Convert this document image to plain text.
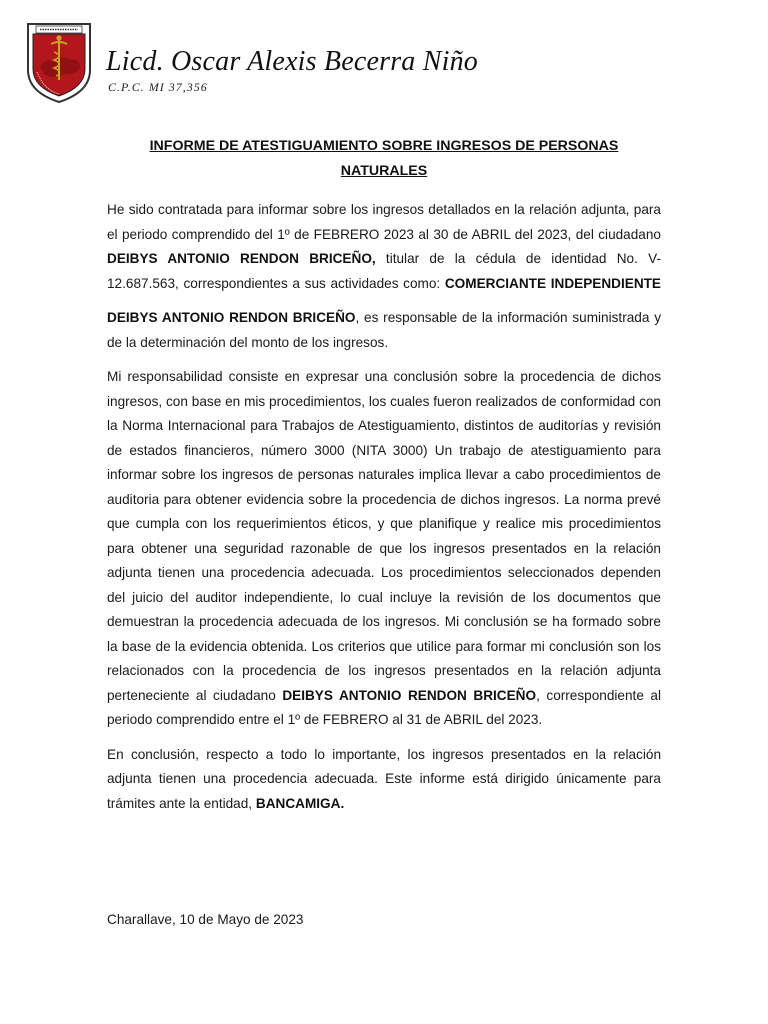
Licd. Oscar Alexis Becerra Niño
C.P.C. MI 37,356
INFORME DE ATESTIGUAMIENTO SOBRE INGRESOS DE PERSONAS
NATURALES

He sido contratada para informar sobre los ingresos detallados en la relación adjunta, para el periodo comprendido del 1º de FEBRERO 2023 al 30 de ABRIL del 2023, del ciudadano DEIBYS ANTONIO RENDON BRICEÑO, titular de la cédula de identidad No. V-12.687.563, correspondientes a sus actividades como: COMERCIANTE INDEPENDIENTE

DEIBYS ANTONIO RENDON BRICEÑO, es responsable de la información suministrada y de la determinación del monto de los ingresos.

Mi responsabilidad consiste en expresar una conclusión sobre la procedencia de dichos ingresos, con base en mis procedimientos, los cuales fueron realizados de conformidad con la Norma Internacional para Trabajos de Atestiguamiento, distintos de auditorías y revisión de estados financieros, número 3000 (NITA 3000) Un trabajo de atestiguamiento para informar sobre los ingresos de personas naturales implica llevar a cabo procedimientos de auditoria para obtener evidencia sobre la procedencia de dichos ingresos. La norma prevé que cumpla con los requerimientos éticos, y que planifique y realice mis procedimientos para obtener una seguridad razonable de que los ingresos presentados en la relación adjunta tienen una procedencia adecuada. Los procedimientos seleccionados dependen del juicio del auditor independiente, lo cual incluye la revisión de los documentos que demuestran la procedencia adecuada de los ingresos. Mi conclusión se ha formado sobre la base de la evidencia obtenida. Los criterios que utilice para formar mi conclusión son los relacionados con la procedencia de los ingresos presentados en la relación adjunta perteneciente al ciudadano DEIBYS ANTONIO RENDON BRICEÑO, correspondiente al periodo comprendido entre el 1º de FEBRERO al 31 de ABRIL del 2023.

En conclusión, respecto a todo lo importante, los ingresos presentados en la relación adjunta tienen una procedencia adecuada. Este informe está dirigido únicamente para trámites ante la entidad, BANCAMIGA.

Charallave, 10 de Mayo de 2023
